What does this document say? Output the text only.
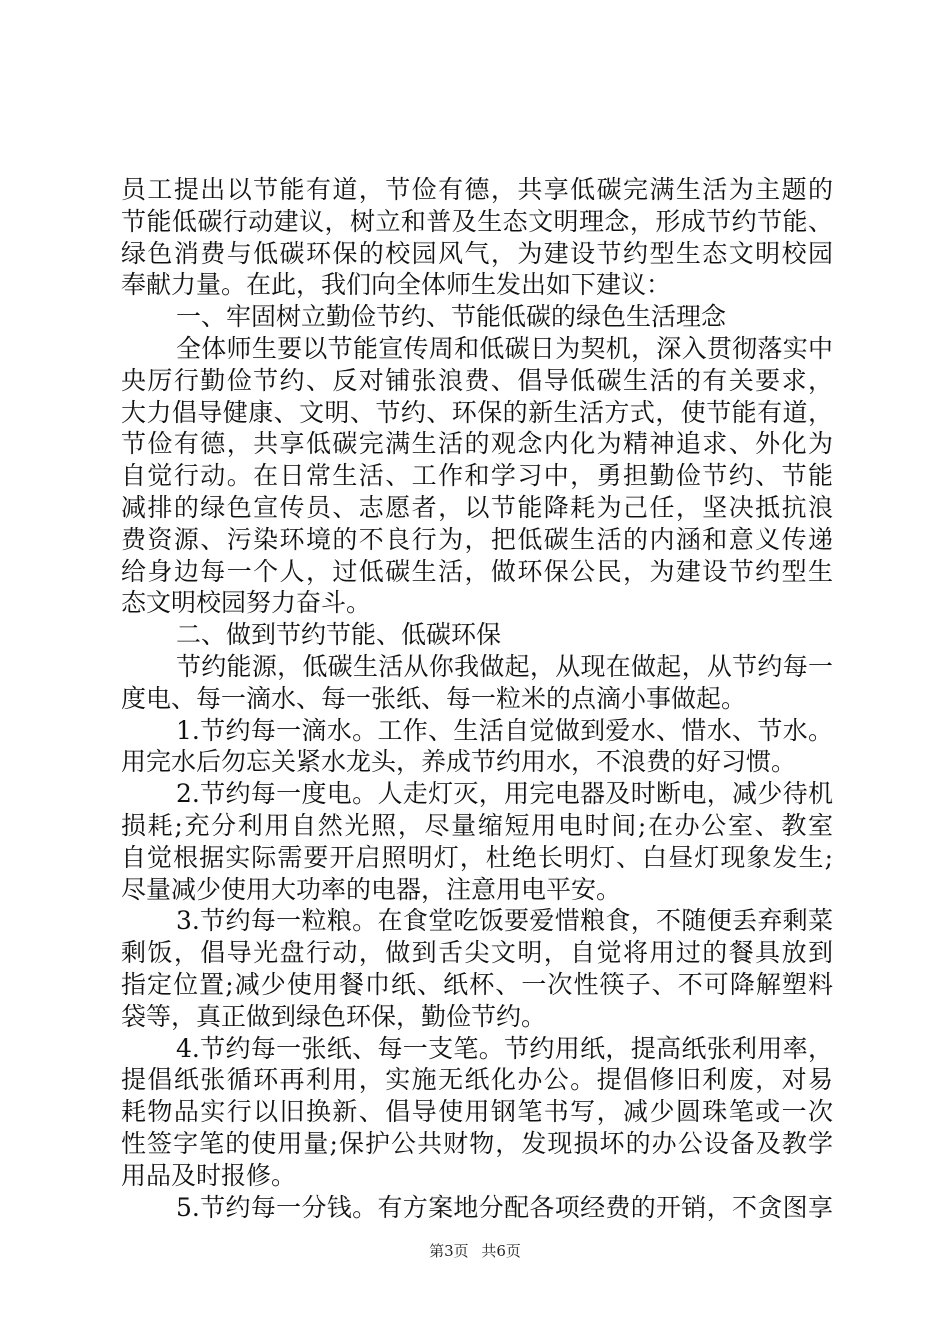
员工提出以节能有道，节俭有德，共享低碳完满生活为主题的
节能低碳行动建议，树立和普及生态文明理念，形成节约节能、
绿色消费与低碳环保的校园风气，为建设节约型生态文明校园
奉献力量。在此，我们向全体师生发出如下建议：
一、牢固树立勤俭节约、节能低碳的绿色生活理念
全体师生要以节能宣传周和低碳日为契机，深入贯彻落实中
央厉行勤俭节约、反对铺张浪费、倡导低碳生活的有关要求，
大力倡导健康、文明、节约、环保的新生活方式，使节能有道，
节俭有德，共享低碳完满生活的观念内化为精神追求、外化为
自觉行动。在日常生活、工作和学习中，勇担勤俭节约、节能
减排的绿色宣传员、志愿者，以节能降耗为己任，坚决抵抗浪
费资源、污染环境的不良行为，把低碳生活的内涵和意义传递
给身边每一个人，过低碳生活，做环保公民，为建设节约型生
态文明校园努力奋斗。
二、做到节约节能、低碳环保
节约能源，低碳生活从你我做起，从现在做起，从节约每一
度电、每一滴水、每一张纸、每一粒米的点滴小事做起。
1.节约每一滴水。工作、生活自觉做到爱水、惜水、节水。
用完水后勿忘关紧水龙头，养成节约用水，不浪费的好习惯。
2.节约每一度电。人走灯灭，用完电器及时断电，减少待机
损耗;充分利用自然光照，尽量缩短用电时间;在办公室、教室
自觉根据实际需要开启照明灯，杜绝长明灯、白昼灯现象发生;
尽量减少使用大功率的电器，注意用电平安。
3.节约每一粒粮。在食堂吃饭要爱惜粮食，不随便丢弃剩菜
剩饭，倡导光盘行动，做到舌尖文明，自觉将用过的餐具放到
指定位置;减少使用餐巾纸、纸杯、一次性筷子、不可降解塑料
袋等，真正做到绿色环保，勤俭节约。
4.节约每一张纸、每一支笔。节约用纸，提高纸张利用率，
提倡纸张循环再利用，实施无纸化办公。提倡修旧利废，对易
耗物品实行以旧换新、倡导使用钢笔书写，减少圆珠笔或一次
性签字笔的使用量;保护公共财物，发现损坏的办公设备及教学
用品及时报修。
5.节约每一分钱。有方案地分配各项经费的开销，不贪图享
第3页 共6页
